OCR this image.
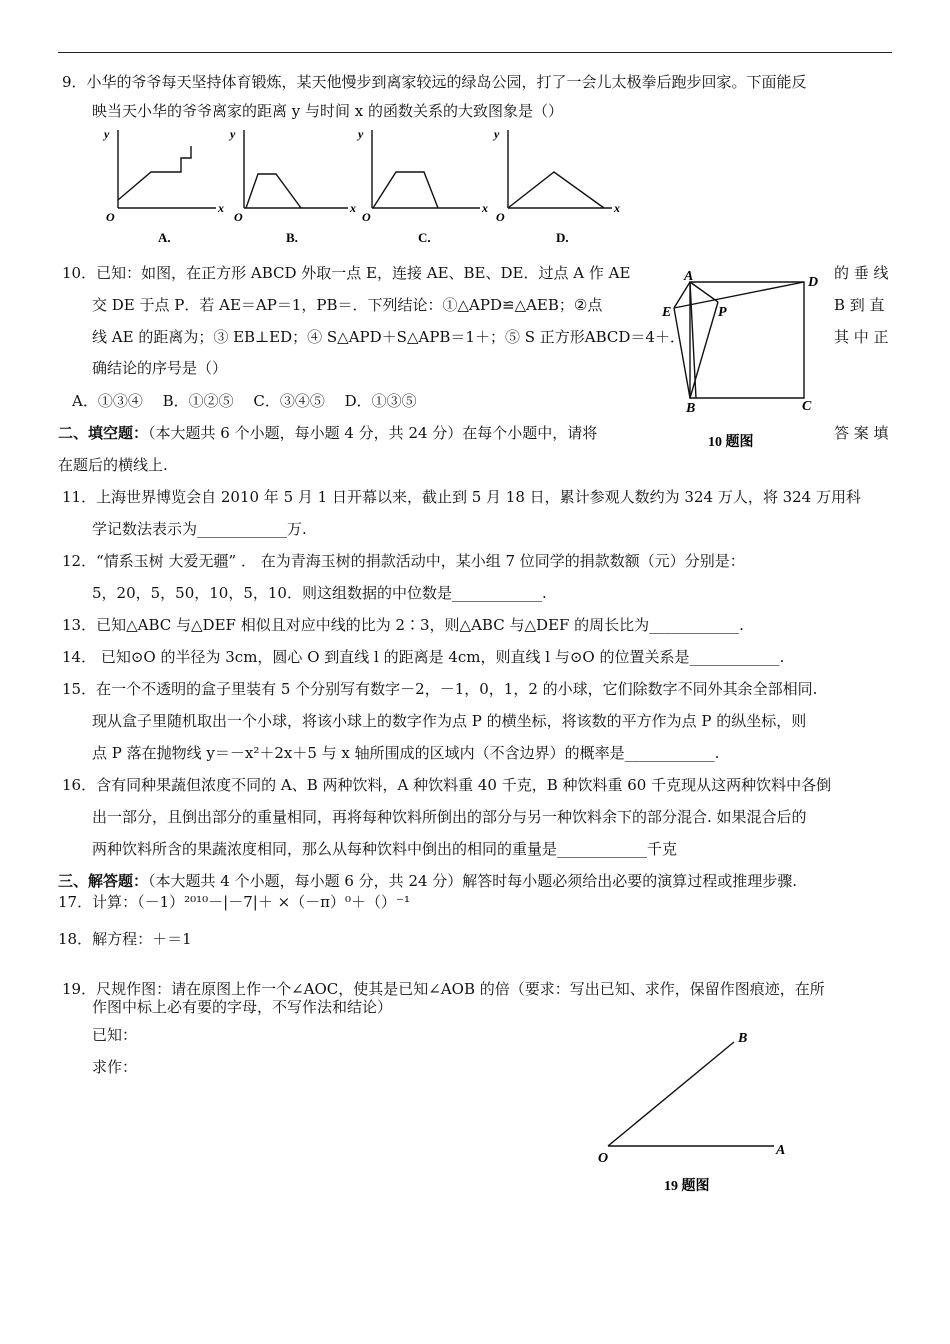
9．小华的爷爷每天坚持体育锻炼，某天他慢步到离家较远的绿岛公园，打了一会儿太极拳后跑步回家。下面能反
映当天小华的爷爷离家的距离 y 与时间 x 的函数关系的大致图象是（）
y
x
O
y
x
O
y
x
O
y
x
O
A.	B.	C.	D.
10．已知：如图，在正方形 ABCD 外取一点 E，连接 AE、BE、DE．过点 A 作 AE	的 垂 线
交 DE 于点 P．若 AE＝AP＝1，PB＝．下列结论：①△APD≌△AEB；②点	B 到 直
线 AE 的距离为；③ EB⊥ED；④ S△APD＋S△APB＝1＋；⑤ S 正方形ABCD＝4＋．	其 中 正
确结论的序号是（）
A．①③④　 B．①②⑤　 C．③④⑤　 D．①③⑤
A	D
E	P
B	C
10 题图
二、填空题：（本大题共 6 个小题，每小题 4 分，共 24 分）在每个小题中，请将	答 案 填
在题后的横线上.
11．上海世界博览会自 2010 年 5 月 1 日开幕以来，截止到 5 月 18 日，累计参观人数约为 324 万人，将 324 万用科
学记数法表示为____________万.
12．“情系玉树 大爱无疆” ． 在为青海玉树的捐款活动中，某小组 7 位同学的捐款数额（元）分别是：
5，20，5，50，10，5，10．则这组数据的中位数是____________.
13．已知△ABC 与△DEF 相似且对应中线的比为 2∶3，则△ABC 与△DEF 的周长比为____________.
14． 已知⊙O 的半径为 3cm，圆心 O 到直线 l 的距离是 4cm，则直线 l 与⊙O 的位置关系是____________.
15．在一个不透明的盒子里装有 5 个分别写有数字－2，－1，0，1，2 的小球，它们除数字不同外其余全部相同.
现从盒子里随机取出一个小球，将该小球上的数字作为点 P 的横坐标，将该数的平方作为点 P 的纵坐标，则
点 P 落在抛物线 y＝－x²＋2x＋5 与 x 轴所围成的区域内（不含边界）的概率是____________.
16．含有同种果蔬但浓度不同的 A、B 两种饮料，A 种饮料重 40 千克，B 种饮料重 60 千克现从这两种饮料中各倒
出一部分，且倒出部分的重量相同，再将每种饮料所倒出的部分与另一种饮料余下的部分混合. 如果混合后的
两种饮料所含的果蔬浓度相同，那么从每种饮料中倒出的相同的重量是____________千克
三、解答题：（本大题共 4 个小题，每小题 6 分，共 24 分）解答时每小题必须给出必要的演算过程或推理步骤.
17．计算：（－1）²⁰¹⁰－|－7|＋ ×（－π）⁰＋（）⁻¹
18．解方程：＋＝1
19．尺规作图：请在原图上作一个∠AOC，使其是已知∠AOB 的倍（要求：写出已知、求作，保留作图痕迹，在所
作图中标上必有要的字母，不写作法和结论）
已知：
求作：
B
O
A
19 题图
